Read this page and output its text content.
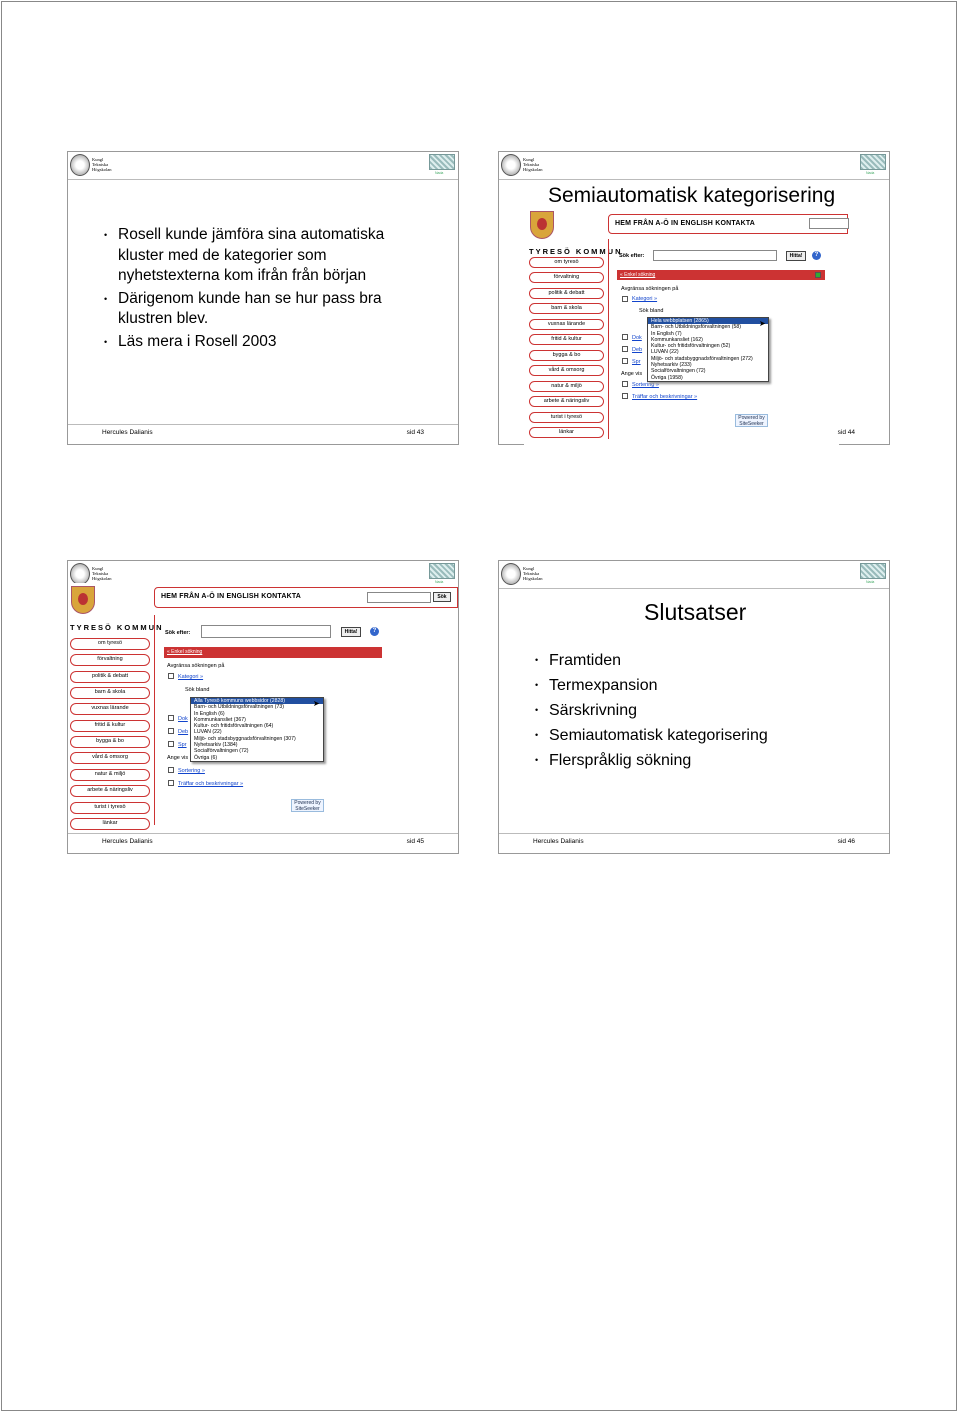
Kungl
Tekniska
Högskolan
Nada
• Rosell kunde jämföra sina automatiska kluster med de kategorier som nyhetstexterna kom ifrån från början
• Därigenom kunde han se hur pass bra klustren blev.
• Läs mera i Rosell 2003
Hercules Dalianis	sid 43
Kungl
Tekniska
Högskolan
Nada
Semiautomatisk kategorisering
HEM FRÅN A-Ö IN ENGLISH KONTAKTA
TYRESÖ KOMMUN
om tyresö
förvaltning
politik & debatt
barn & skola
vuxnas lärande
fritid & kultur
bygga & bo
vård & omsorg
natur & miljö
arbete & näringsliv
turist i tyresö
länkar
Sök efter:	Hitta!	?
« Enkel sökning
Avgränsa sökningen på
Kategori »
Sök bland
Dok
Deb
Spr
Ange vis
Sortering »
Träffar och beskrivningar »
Powered by SiteSeeker
Hela webbplatsen (2865)
Barn- och Utbildningsförvaltningen (58)
In English (7)
Kommunkansliet (162)
Kultur- och fritidsförvaltningen (52)
LUVAN (22)
Miljö- och stadsbyggnadsförvaltningen (272)
Nyhetsarkiv (233)
Socialförvaltningen (72)
Övriga (1958)
➤
sid 44
Kungl
Tekniska
Högskolan
Nada
HEM FRÅN A-Ö IN ENGLISH KONTAKTA	Sök
TYRESÖ KOMMUN
om tyresö
förvaltning
politik & debatt
barn & skola
vuxnas lärande
fritid & kultur
bygga & bo
vård & omsorg
natur & miljö
arbete & näringsliv
turist i tyresö
länkar
Sök efter:	Hitta!	?
« Enkel sökning
Avgränsa sökningen på
Kategori »
Sök bland
Dok
Deb
Spr
Ange vis
Sortering »
Träffar och beskrivningar »
Powered by SiteSeeker
Alla Tyresö kommuns webbsidor (2828)
Barn- och Utbildningsförvaltningen (73)
In English (6)
Kommunkansliet (367)
Kultur- och fritidsförvaltningen (64)
LUVAN (22)
Miljö- och stadsbyggnadsförvaltningen (307)
Nyhetsarkiv (1384)
Socialförvaltningen (72)
Övriga (6)
➤
Hercules Dalianis	sid 45
Kungl
Tekniska
Högskolan
Nada
Slutsatser
• Framtiden
• Termexpansion
• Särskrivning
• Semiautomatisk kategorisering
• Flerspråklig sökning
Hercules Dalianis	sid 46
